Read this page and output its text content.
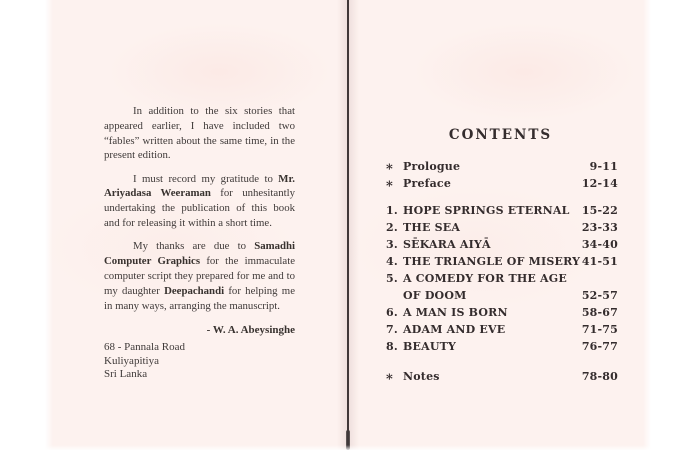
In addition to the six stories that appeared earlier, I have included two “fables” written about the same time, in the present edition.

I must record my gratitude to Mr. Ariyadasa Weeraman for unhesitantly undertaking the publication of this book and for releasing it within a short time.

My thanks are due to Samadhi Computer Graphics for the immaculate computer script they prepared for me and to my daughter Deepachandi for helping me in many ways, arranging the manuscript.

- W. A. Abeysinghe
68 - Pannala Road
Kuliyapitiya
Sri Lanka
CONTENTS
* Prologue	9-11
* Preface	12-14
1. HOPE SPRINGS ETERNAL 15-22
2. THE SEA	23-33
3. SĒKARA AIYĀ	34-40
4. THE TRIANGLE OF MISERY 41-51
5. A COMEDY FOR THE AGE
OF DOOM	52-57
6. A MAN IS BORN	58-67
7. ADAM AND EVE	71-75
8. BEAUTY	76-77
* Notes	78-80
